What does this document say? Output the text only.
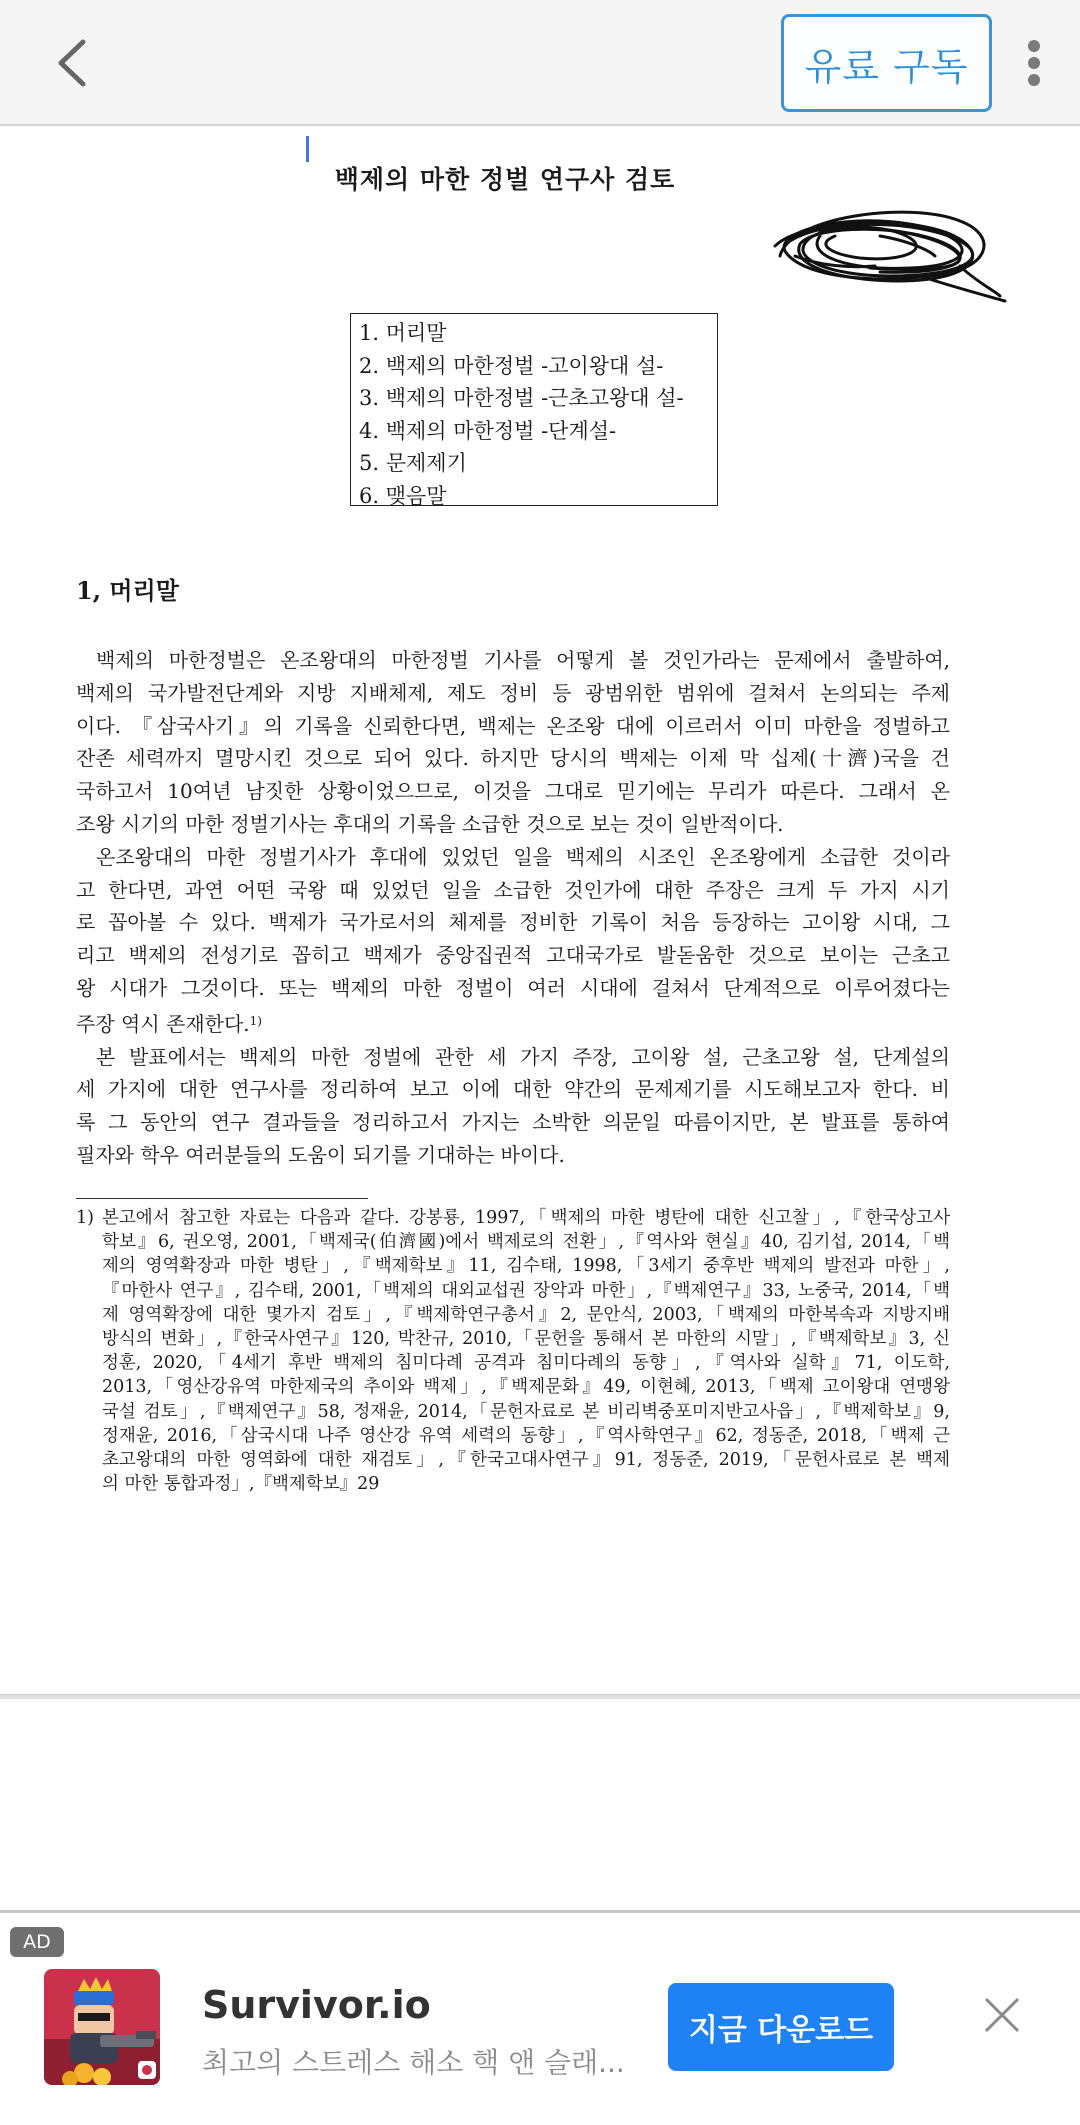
유료 구독
백제의 마한 정벌 연구사 검토
1. 머리말
2. 백제의 마한정벌 -고이왕대 설-
3. 백제의 마한정벌 -근초고왕대 설-
4. 백제의 마한정벌 -단계설-
5. 문제제기
6. 맺음말
1, 머리말
백제의 마한정벌은 온조왕대의 마한정벌 기사를 어떻게 볼 것인가라는 문제에서 출발하여,
백제의 국가발전단계와 지방 지배체제, 제도 정비 등 광범위한 범위에 걸쳐서 논의되는 주제
이다. 『삼국사기』의 기록을 신뢰한다면, 백제는 온조왕 대에 이르러서 이미 마한을 정벌하고
잔존 세력까지 멸망시킨 것으로 되어 있다. 하지만 당시의 백제는 이제 막 십제(十濟)국을 건
국하고서 10여년 남짓한 상황이었으므로, 이것을 그대로 믿기에는 무리가 따른다. 그래서 온
조왕 시기의 마한 정벌기사는 후대의 기록을 소급한 것으로 보는 것이 일반적이다.
온조왕대의 마한 정벌기사가 후대에 있었던 일을 백제의 시조인 온조왕에게 소급한 것이라
고 한다면, 과연 어떤 국왕 때 있었던 일을 소급한 것인가에 대한 주장은 크게 두 가지 시기
로 꼽아볼 수 있다. 백제가 국가로서의 체제를 정비한 기록이 처음 등장하는 고이왕 시대, 그
리고 백제의 전성기로 꼽히고 백제가 중앙집권적 고대국가로 발돋움한 것으로 보이는 근초고
왕 시대가 그것이다. 또는 백제의 마한 정벌이 여러 시대에 걸쳐서 단계적으로 이루어졌다는
주장 역시 존재한다.$^{1)}$
본 발표에서는 백제의 마한 정벌에 관한 세 가지 주장, 고이왕 설, 근초고왕 설, 단계설의
세 가지에 대한 연구사를 정리하여 보고 이에 대한 약간의 문제제기를 시도해보고자 한다. 비
록 그 동안의 연구 결과들을 정리하고서 가지는 소박한 의문일 따름이지만, 본 발표를 통하여
필자와 학우 여러분들의 도움이 되기를 기대하는 바이다.
1) 본고에서 참고한 자료는 다음과 같다. 강봉룡, 1997,「백제의 마한 병탄에 대한 신고찰」,『한국상고사
학보』6, 권오영, 2001,「백제국(伯濟國)에서 백제로의 전환」,『역사와 현실』40, 김기섭, 2014,「백
제의 영역확장과 마한 병탄」,『백제학보』11, 김수태, 1998,「3세기 중후반 백제의 발전과 마한」,
『마한사 연구』, 김수태, 2001,「백제의 대외교섭권 장악과 마한」,『백제연구』33, 노중국, 2014,「백
제 영역확장에 대한 몇가지 검토」,『백제학연구총서』2, 문안식, 2003,「백제의 마한복속과 지방지배
방식의 변화」,『한국사연구』120, 박찬규, 2010,「문헌을 통해서 본 마한의 시말」,『백제학보』3, 신
정훈, 2020,「4세기 후반 백제의 침미다례 공격과 침미다례의 동향」,『역사와 실학』71, 이도학,
2013,「영산강유역 마한제국의 추이와 백제」,『백제문화』49, 이현혜, 2013,「백제 고이왕대 연맹왕
국설 검토」,『백제연구』58, 정재윤, 2014,「문헌자료로 본 비리벽중포미지반고사읍」,『백제학보』9,
정재윤, 2016,「삼국시대 나주 영산강 유역 세력의 동향」,『역사학연구』62, 정동준, 2018,「백제 근
초고왕대의 마한 영역화에 대한 재검토」,『한국고대사연구』91, 정동준, 2019,「문헌사료로 본 백제
의 마한 통합과정」,『백제학보』29
AD
Survivor.io
최고의 스트레스 해소 핵 앤 슬래...
지금 다운로드
